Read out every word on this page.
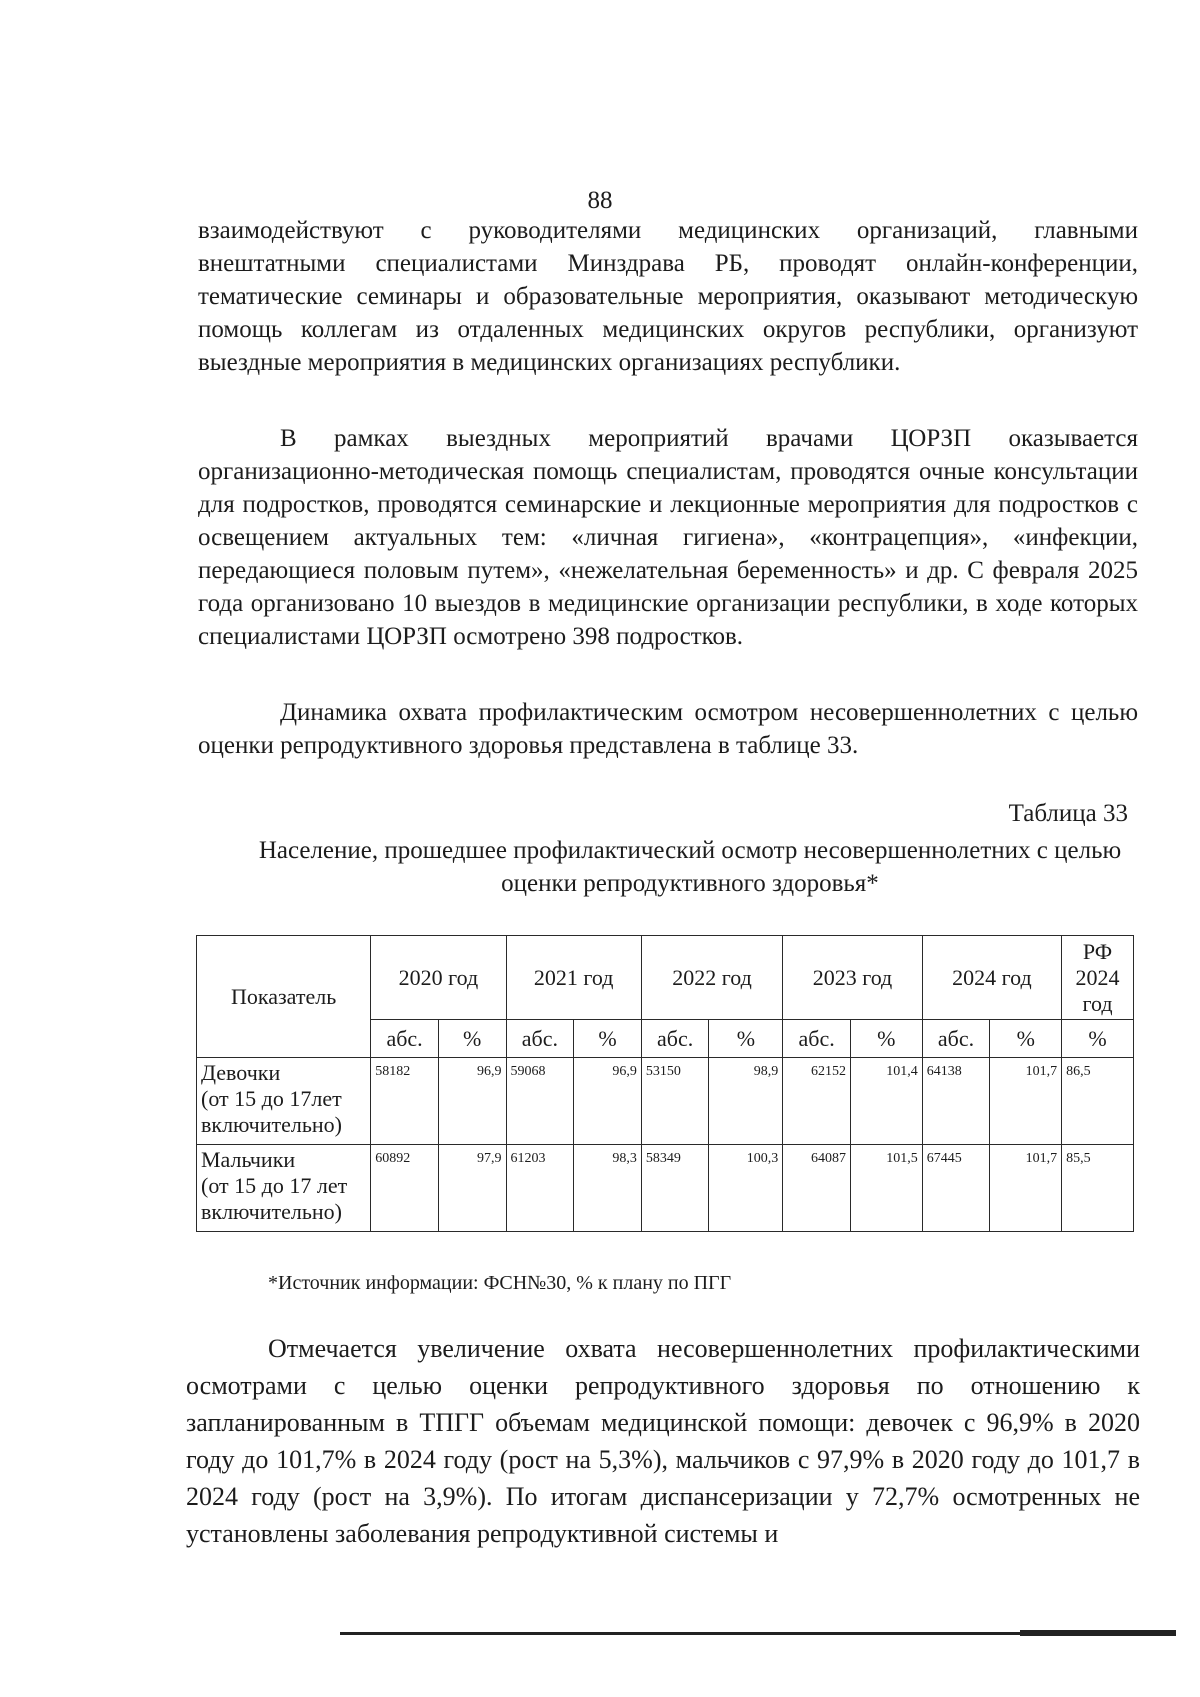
88

взаимодействуют с руководителями медицинских организаций, главными внештатными специалистами Минздрава РБ, проводят онлайн-конференции, тематические семинары и образовательные мероприятия, оказывают методическую помощь коллегам из отдаленных медицинских округов республики, организуют выездные мероприятия в медицинских организациях республики.

В рамках выездных мероприятий врачами ЦОРЗП оказывается организационно-методическая помощь специалистам, проводятся очные консультации для подростков, проводятся семинарские и лекционные мероприятия для подростков с освещением актуальных тем: «личная гигиена», «контрацепция», «инфекции, передающиеся половым путем», «нежелательная беременность» и др. С февраля 2025 года организовано 10 выездов в медицинские организации республики, в ходе которых специалистами ЦОРЗП осмотрено 398 подростков.

Динамика охвата профилактическим осмотром несовершеннолетних с целью оценки репродуктивного здоровья представлена в таблице 33.

Таблица 33
Население, прошедшее профилактический осмотр несовершеннолетних с целью оценки репродуктивного здоровья*
Показатель	2020 год		2021 год		2022 год		2023 год		2024 год		РФ
2024
год

	абс.	%	абс.	%	абс.	%	абс.	%	абс.	%	%

Девочки
(от 15 до 17лет
включительно)	58182	96,9	59068	96,9	53150	98,9	62152	101,4	64138	101,7	86,5

Мальчики
(от 15 до 17 лет
включительно)	60892	97,9	61203	98,3	58349	100,3	64087	101,5	67445	101,7	85,5
*Источник информации: ФСН№30, % к плану по ПГГ

Отмечается увеличение охвата несовершеннолетних профилактическими осмотрами с целью оценки репродуктивного здоровья по отношению к запланированным в ТПГГ объемам медицинской помощи: девочек с 96,9% в 2020 году до 101,7% в 2024 году (рост на 5,3%), мальчиков с 97,9% в 2020 году до 101,7 в 2024 году (рост на 3,9%). По итогам диспансеризации у 72,7% осмотренных не установлены заболевания репродуктивной системы и
